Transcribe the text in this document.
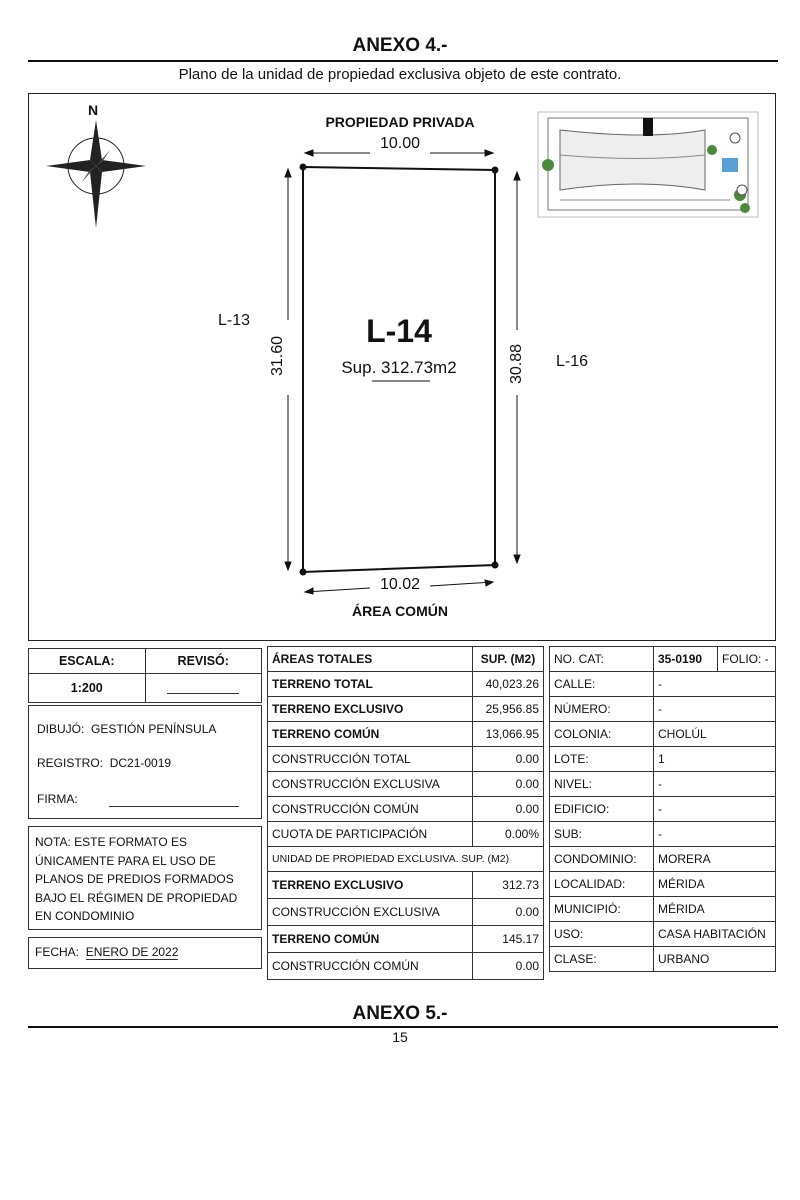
ANEXO 4.-
Plano de la unidad de propiedad exclusiva objeto de este contrato.
N
PROPIEDAD PRIVADA
10.00
10.02
ÁREA COMÚN
L-13
L-16
31.60	30.88
L-14
Sup. 312.73m2
ESCALA:	REVISÓ:
1:200	
DIBUJÓ: GESTIÓN PENÍNSULA
REGISTRO: DC21-0019
FIRMA:
NOTA: ESTE FORMATO ES ÚNICAMENTE PARA EL USO DE PLANOS DE PREDIOS FORMADOS BAJO EL RÉGIMEN DE PROPIEDAD EN CONDOMINIO
FECHA: ENERO DE 2022
ÁREAS TOTALES	SUP. (M2)
TERRENO TOTAL	40,023.26
TERRENO EXCLUSIVO	25,956.85
TERRENO COMÚN	13,066.95
CONSTRUCCIÓN TOTAL	0.00
CONSTRUCCIÓN EXCLUSIVA	0.00
CONSTRUCCIÓN COMÚN	0.00
CUOTA DE PARTICIPACIÓN	0.00%
UNIDAD DE PROPIEDAD EXCLUSIVA. SUP. (M2)	
TERRENO EXCLUSIVO	312.73
CONSTRUCCIÓN EXCLUSIVA	0.00
TERRENO COMÚN	145.17
CONSTRUCCIÓN COMÚN	0.00
NO. CAT:	35-0190	FOLIO: -
CALLE:	-	
NÚMERO:	-	
COLONIA:	CHOLÚL	
LOTE:	1	
NIVEL:	-	
EDIFICIO:	-	
SUB:	-	
CONDOMINIO:	MORERA	
LOCALIDAD:	MÉRIDA	
MUNICIPIÓ:	MÉRIDA	
USO:	CASA HABITACIÓN	
CLASE:	URBANO	
ANEXO 5.-
15
